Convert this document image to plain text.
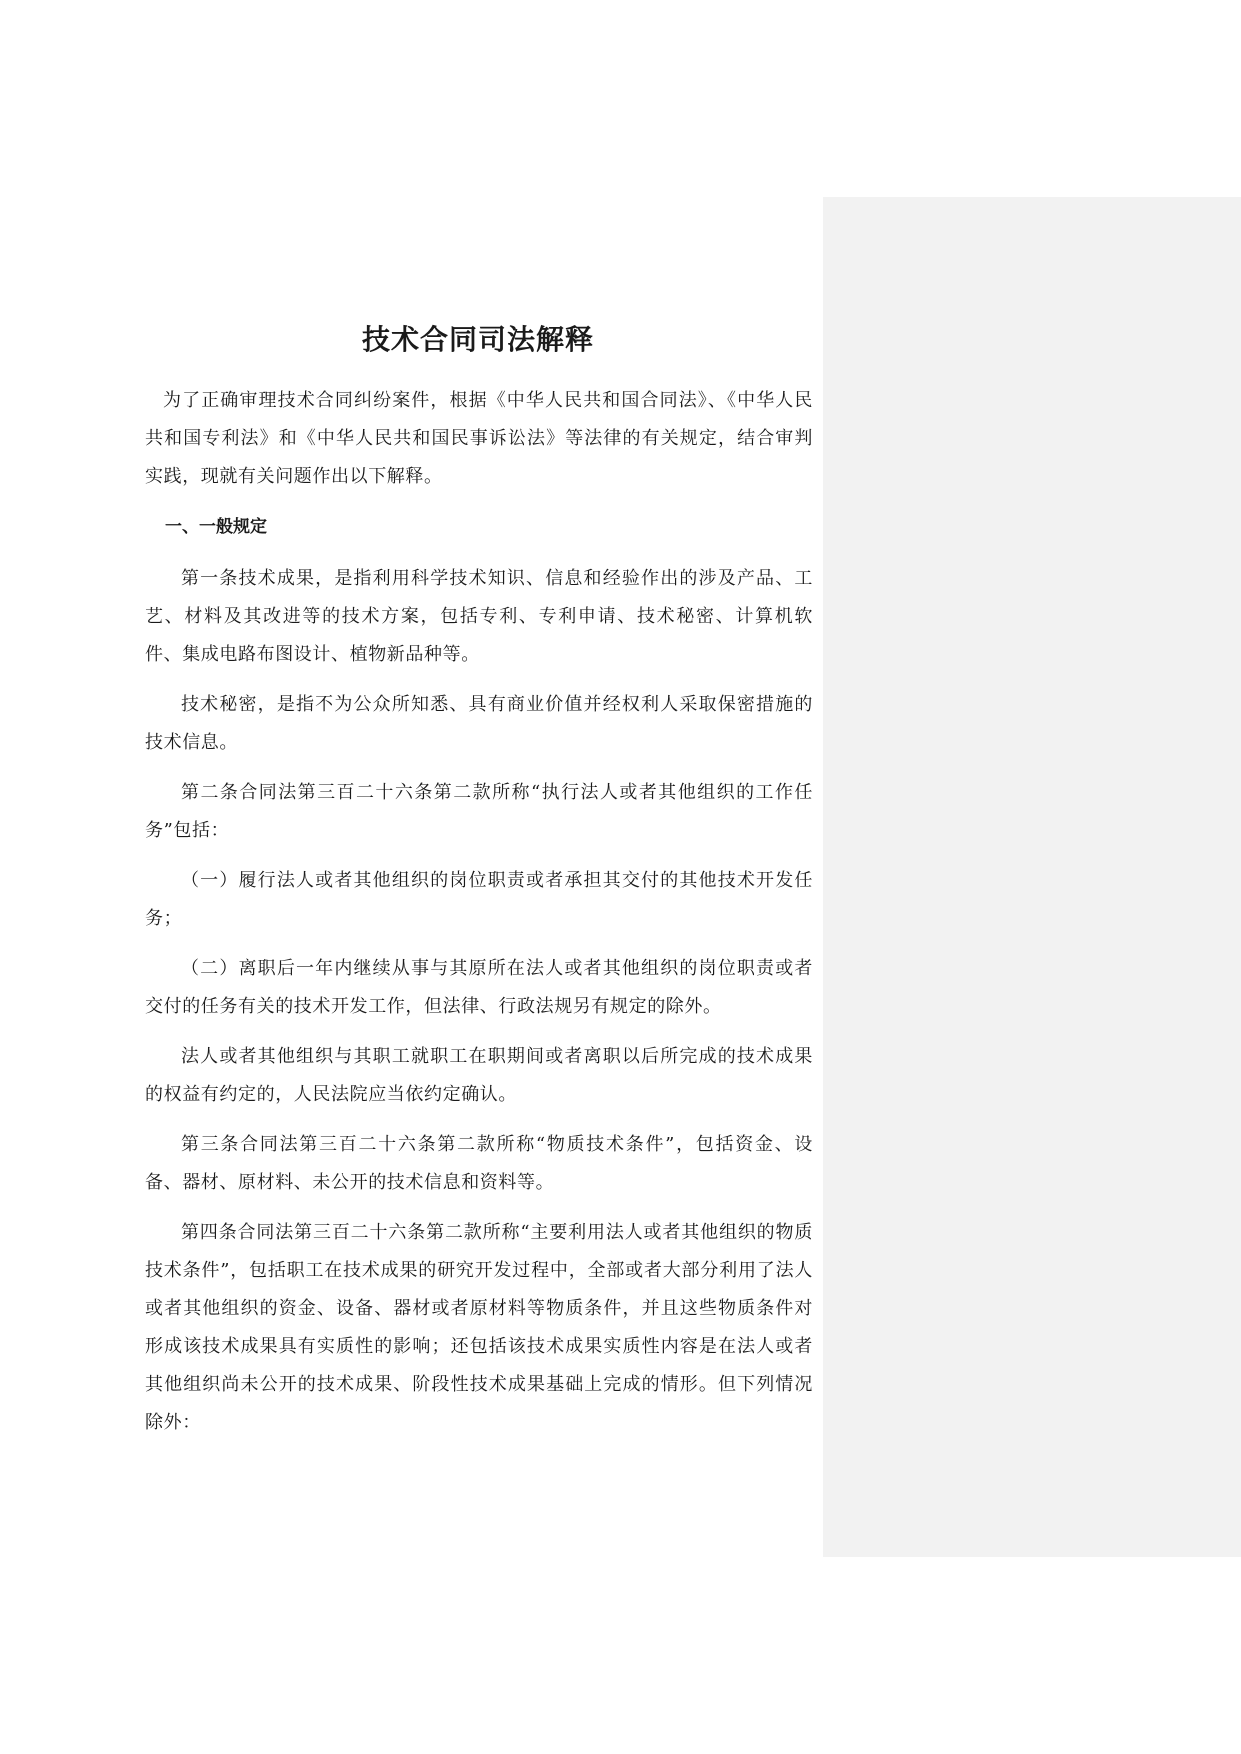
技术合同司法解释

为了正确审理技术合同纠纷案件，根据《中华人民共和国合同法》、《中华人民共和国专利法》和《中华人民共和国民事诉讼法》等法律的有关规定，结合审判实践，现就有关问题作出以下解释。

一、一般规定

第一条技术成果，是指利用科学技术知识、信息和经验作出的涉及产品、工艺、材料及其改进等的技术方案，包括专利、专利申请、技术秘密、计算机软件、集成电路布图设计、植物新品种等。

技术秘密，是指不为公众所知悉、具有商业价值并经权利人采取保密措施的技术信息。

第二条合同法第三百二十六条第二款所称“执行法人或者其他组织的工作任务”包括：

（一）履行法人或者其他组织的岗位职责或者承担其交付的其他技术开发任务；

（二）离职后一年内继续从事与其原所在法人或者其他组织的岗位职责或者交付的任务有关的技术开发工作，但法律、行政法规另有规定的除外。

法人或者其他组织与其职工就职工在职期间或者离职以后所完成的技术成果的权益有约定的，人民法院应当依约定确认。

第三条合同法第三百二十六条第二款所称“物质技术条件”，包括资金、设备、器材、原材料、未公开的技术信息和资料等。

第四条合同法第三百二十六条第二款所称“主要利用法人或者其他组织的物质技术条件”，包括职工在技术成果的研究开发过程中，全部或者大部分利用了法人或者其他组织的资金、设备、器材或者原材料等物质条件，并且这些物质条件对形成该技术成果具有实质性的影响；还包括该技术成果实质性内容是在法人或者其他组织尚未公开的技术成果、阶段性技术成果基础上完成的情形。但下列情况除外：
